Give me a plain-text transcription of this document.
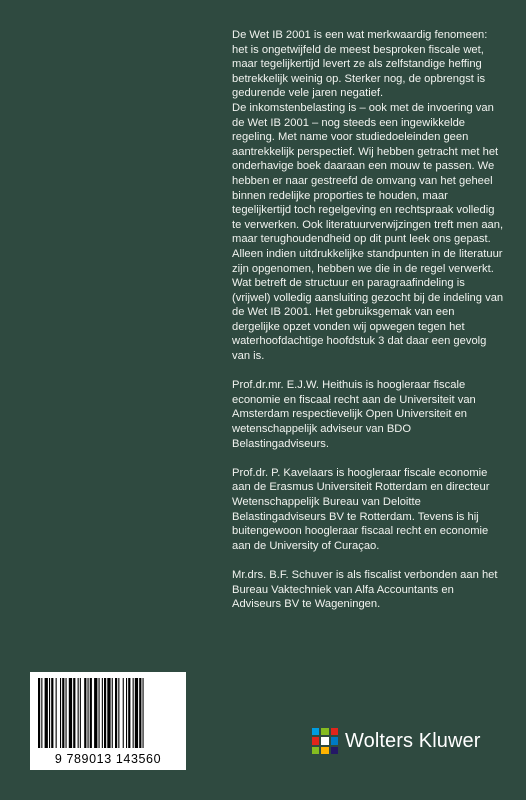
De Wet IB 2001 is een wat merkwaardig fenomeen: het is ongetwijfeld de meest besproken fiscale wet, maar tegelijkertijd levert ze als zelfstandige heffing betrekkelijk weinig op. Sterker nog, de opbrengst is gedurende vele jaren negatief.

De inkomstenbelasting is – ook met de invoering van de Wet IB 2001 – nog steeds een ingewikkelde regeling. Met name voor studiedoeleinden geen aantrekkelijk perspectief. Wij hebben getracht met het onderhavige boek daaraan een mouw te passen. We hebben er naar gestreefd de omvang van het geheel binnen redelijke proporties te houden, maar tegelijkertijd toch regelgeving en rechtspraak volledig te verwerken. Ook literatuurverwijzingen treft men aan, maar terughoudendheid op dit punt leek ons gepast. Alleen indien uitdrukkelijke standpunten in de literatuur zijn opgenomen, hebben we die in de regel verwerkt. Wat betreft de structuur en paragraafindeling is (vrijwel) volledig aansluiting gezocht bij de indeling van de Wet IB 2001. Het gebruiksgemak van een dergelijke opzet vonden wij opwegen tegen het waterhoofdachtige hoofdstuk 3 dat daar een gevolg van is.

Prof.dr.mr. E.J.W. Heithuis is hoogleraar fiscale economie en fiscaal recht aan de Universiteit van Amsterdam respectievelijk Open Universiteit en wetenschappelijk adviseur van BDO Belastingadviseurs.

Prof.dr. P. Kavelaars is hoogleraar fiscale economie aan de Erasmus Universiteit Rotterdam en directeur Wetenschappelijk Bureau van Deloitte Belastingadviseurs BV te Rotterdam. Tevens is hij buitengewoon hoogleraar fiscaal recht en economie aan de University of Curaçao.

Mr.drs. B.F. Schuver is als fiscalist verbonden aan het Bureau Vaktechniek van Alfa Accountants en Adviseurs BV te Wageningen.

9 789013 143560
Wolters Kluwer
